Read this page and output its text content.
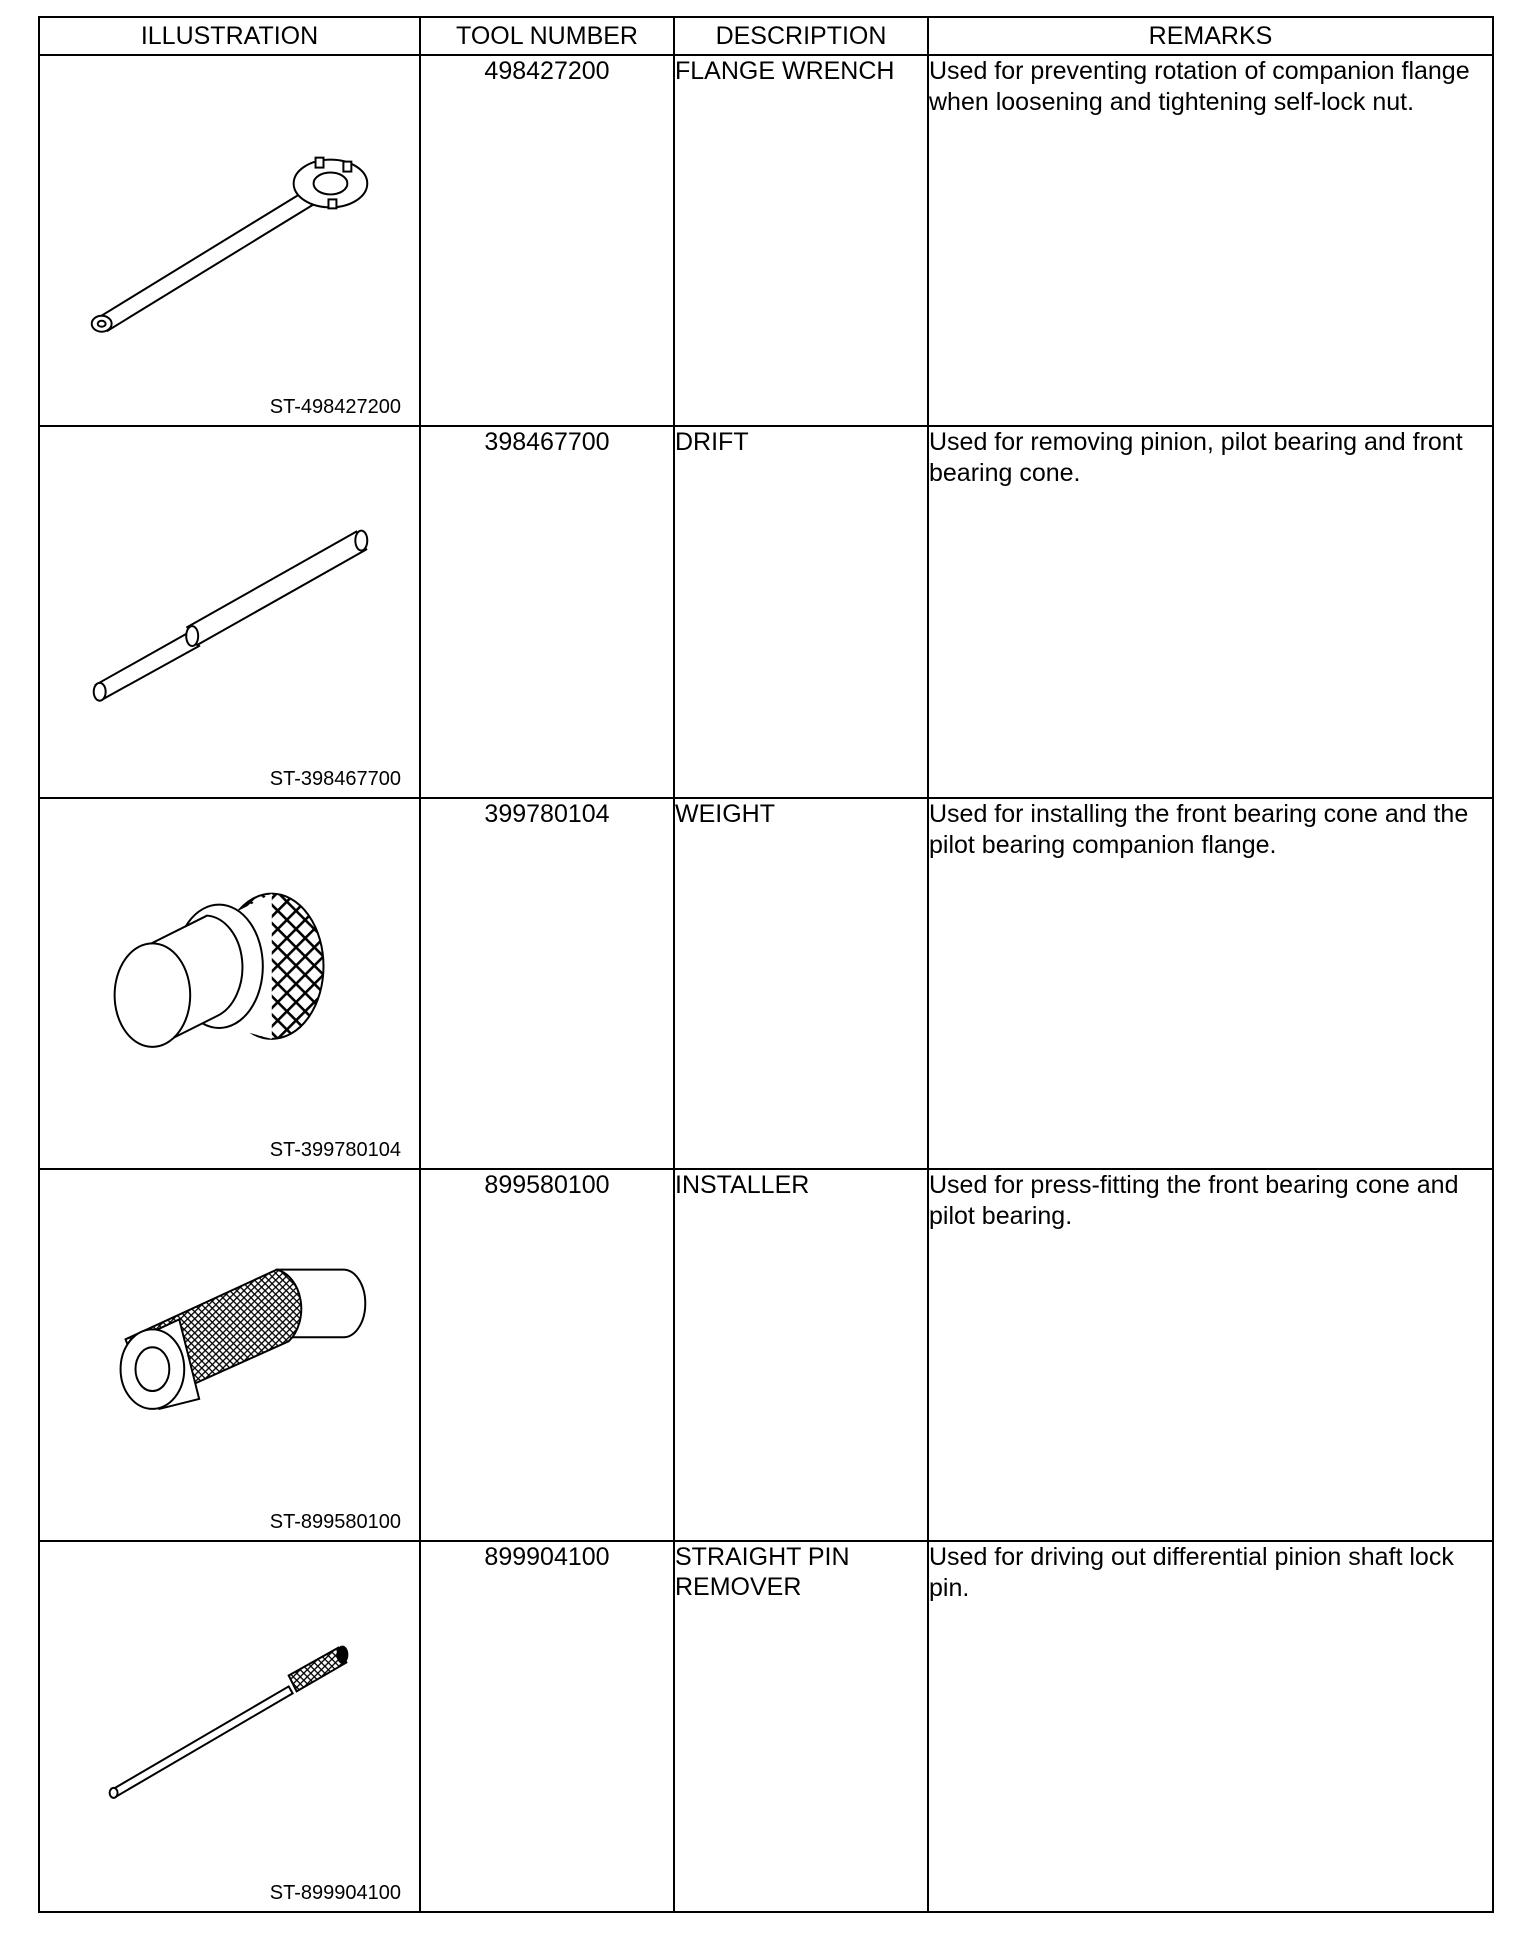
ILLUSTRATION	TOOL NUMBER	DESCRIPTION	REMARKS

ST-498427200	498427200	FLANGE WRENCH	Used for preventing rotation of companion flange when loosening and tightening self-lock nut.

ST-398467700	398467700	DRIFT	Used for removing pinion, pilot bearing and front bearing cone.

ST-399780104	399780104	WEIGHT	Used for installing the front bearing cone and the pilot bearing companion flange.

ST-899580100	899580100	INSTALLER	Used for press-fitting the front bearing cone and pilot bearing.

ST-899904100	899904100	STRAIGHT PIN REMOVER	Used for driving out differential pinion shaft lock pin.
